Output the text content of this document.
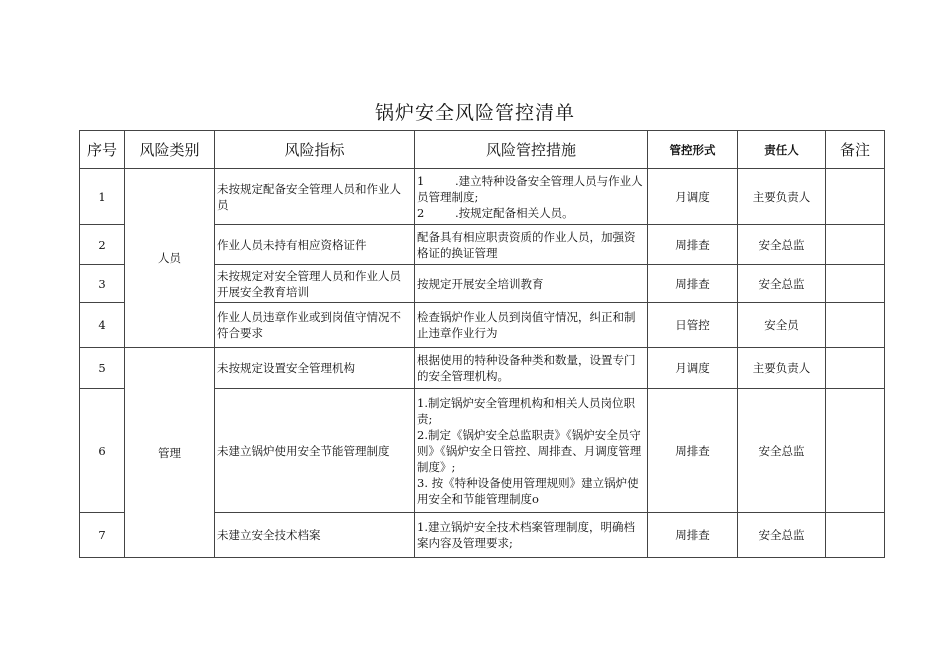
锅炉安全风险管控清单
序号	风险类别	风险指标	风险管控措施	管控形式	责任人	备注
1	人员	未按规定配备安全管理人员和作业人员	1 .建立特种设备安全管理人员与作业人员管理制度;
2 .按规定配备相关人员。	月调度	主要负责人	
2		作业人员未持有相应资格证件	配备具有相应职责资质的作业人员，加强资格证的换证管理	周排查	安全总监	
3		未按规定对安全管理人员和作业人员开展安全教育培训	按规定开展安全培训教育	周排查	安全总监	
4		作业人员违章作业或到岗值守情况不符合要求	检查锅炉作业人员到岗值守情况，纠正和制止违章作业行为	日管控	安全员	
5	管理	未按规定设置安全管理机构	根据使用的特种设备种类和数量，设置专门的安全管理机构。	月调度	主要负责人	
6		未建立锅炉使用安全节能管理制度	1.制定锅炉安全管理机构和相关人员岗位职责;
2.制定《锅炉安全总监职责》《锅炉安全员守则》《锅炉安全日管控、周排查、月调度管理制度》;
3. 按《特种设备使用管理规则》建立锅炉使用安全和节能管理制度o	周排查	安全总监	
7		未建立安全技术档案	1.建立锅炉安全技术档案管理制度，明确档案内容及管理要求;	周排查	安全总监	
